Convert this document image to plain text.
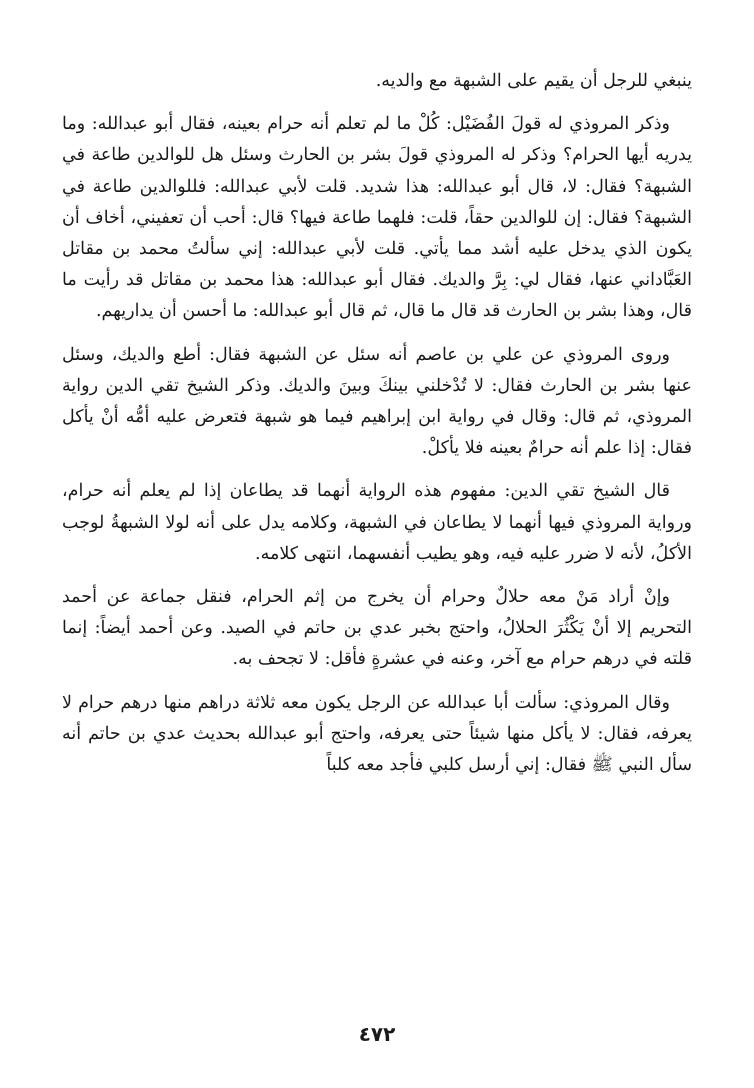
ينبغي للرجل أن يقيم على الشبهة مع والديه.

وذكر المروذي له قولَ الفُضَيْل: كُلْ ما لم تعلم أنه حرام بعينه، فقال أبو عبدالله: وما يدريه أيها الحرام؟ وذكر له المروذي قولَ بشر بن الحارث وسئل هل للوالدين طاعة في الشبهة؟ فقال: لا، قال أبو عبدالله: هذا شديد. قلت لأبي عبدالله: فللوالدين طاعة في الشبهة؟ فقال: إن للوالدين حقاً، قلت: فلهما طاعة فيها؟ قال: أحب أن تعفيني، أخاف أن يكون الذي يدخل عليه أشد مما يأتي. قلت لأبي عبدالله: إني سألتُ محمد بن مقاتل العَبَّاداني عنها، فقال لي: بِرَّ والديك. فقال أبو عبدالله: هذا محمد بن مقاتل قد رأيت ما قال، وهذا بشر بن الحارث قد قال ما قال، ثم قال أبو عبدالله: ما أحسن أن يداريهم.

وروى المروذي عن علي بن عاصم أنه سئل عن الشبهة فقال: أطع والديك، وسئل عنها بشر بن الحارث فقال: لا تُدْخلني بينكَ وبينَ والديك. وذكر الشيخ تقي الدين رواية المروذي، ثم قال: وقال في رواية ابن إبراهيم فيما هو شبهة فتعرض عليه أمُّه أنْ يأكل فقال: إذا علم أنه حرامٌ بعينه فلا يأكلْ.

قال الشيخ تقي الدين: مفهوم هذه الرواية أنهما قد يطاعان إذا لم يعلم أنه حرام، ورواية المروذي فيها أنهما لا يطاعان في الشبهة، وكلامه يدل على أنه لولا الشبهةُ لوجب الأكلُ، لأنه لا ضرر عليه فيه، وهو يطيب أنفسهما، انتهى كلامه.

وإنْ أراد مَنْ معه حلالٌ وحرام أن يخرج من إثم الحرام، فنقل جماعة عن أحمد التحريم إلا أنْ يَكْثُرَ الحلالُ، واحتج بخبر عدي بن حاتم في الصيد. وعن أحمد أيضاً: إنما قلته في درهم حرام مع آخر، وعنه في عشرةٍ فأقل: لا تجحف به.

وقال المروذي: سألت أبا عبدالله عن الرجل يكون معه ثلاثة دراهم منها درهم حرام لا يعرفه، فقال: لا يأكل منها شيئاً حتى يعرفه، واحتج أبو عبدالله بحديث عدي بن حاتم أنه سأل النبي ﷺ فقال: إني أرسل كلبي فأجد معه كلباً

٤٧٢
